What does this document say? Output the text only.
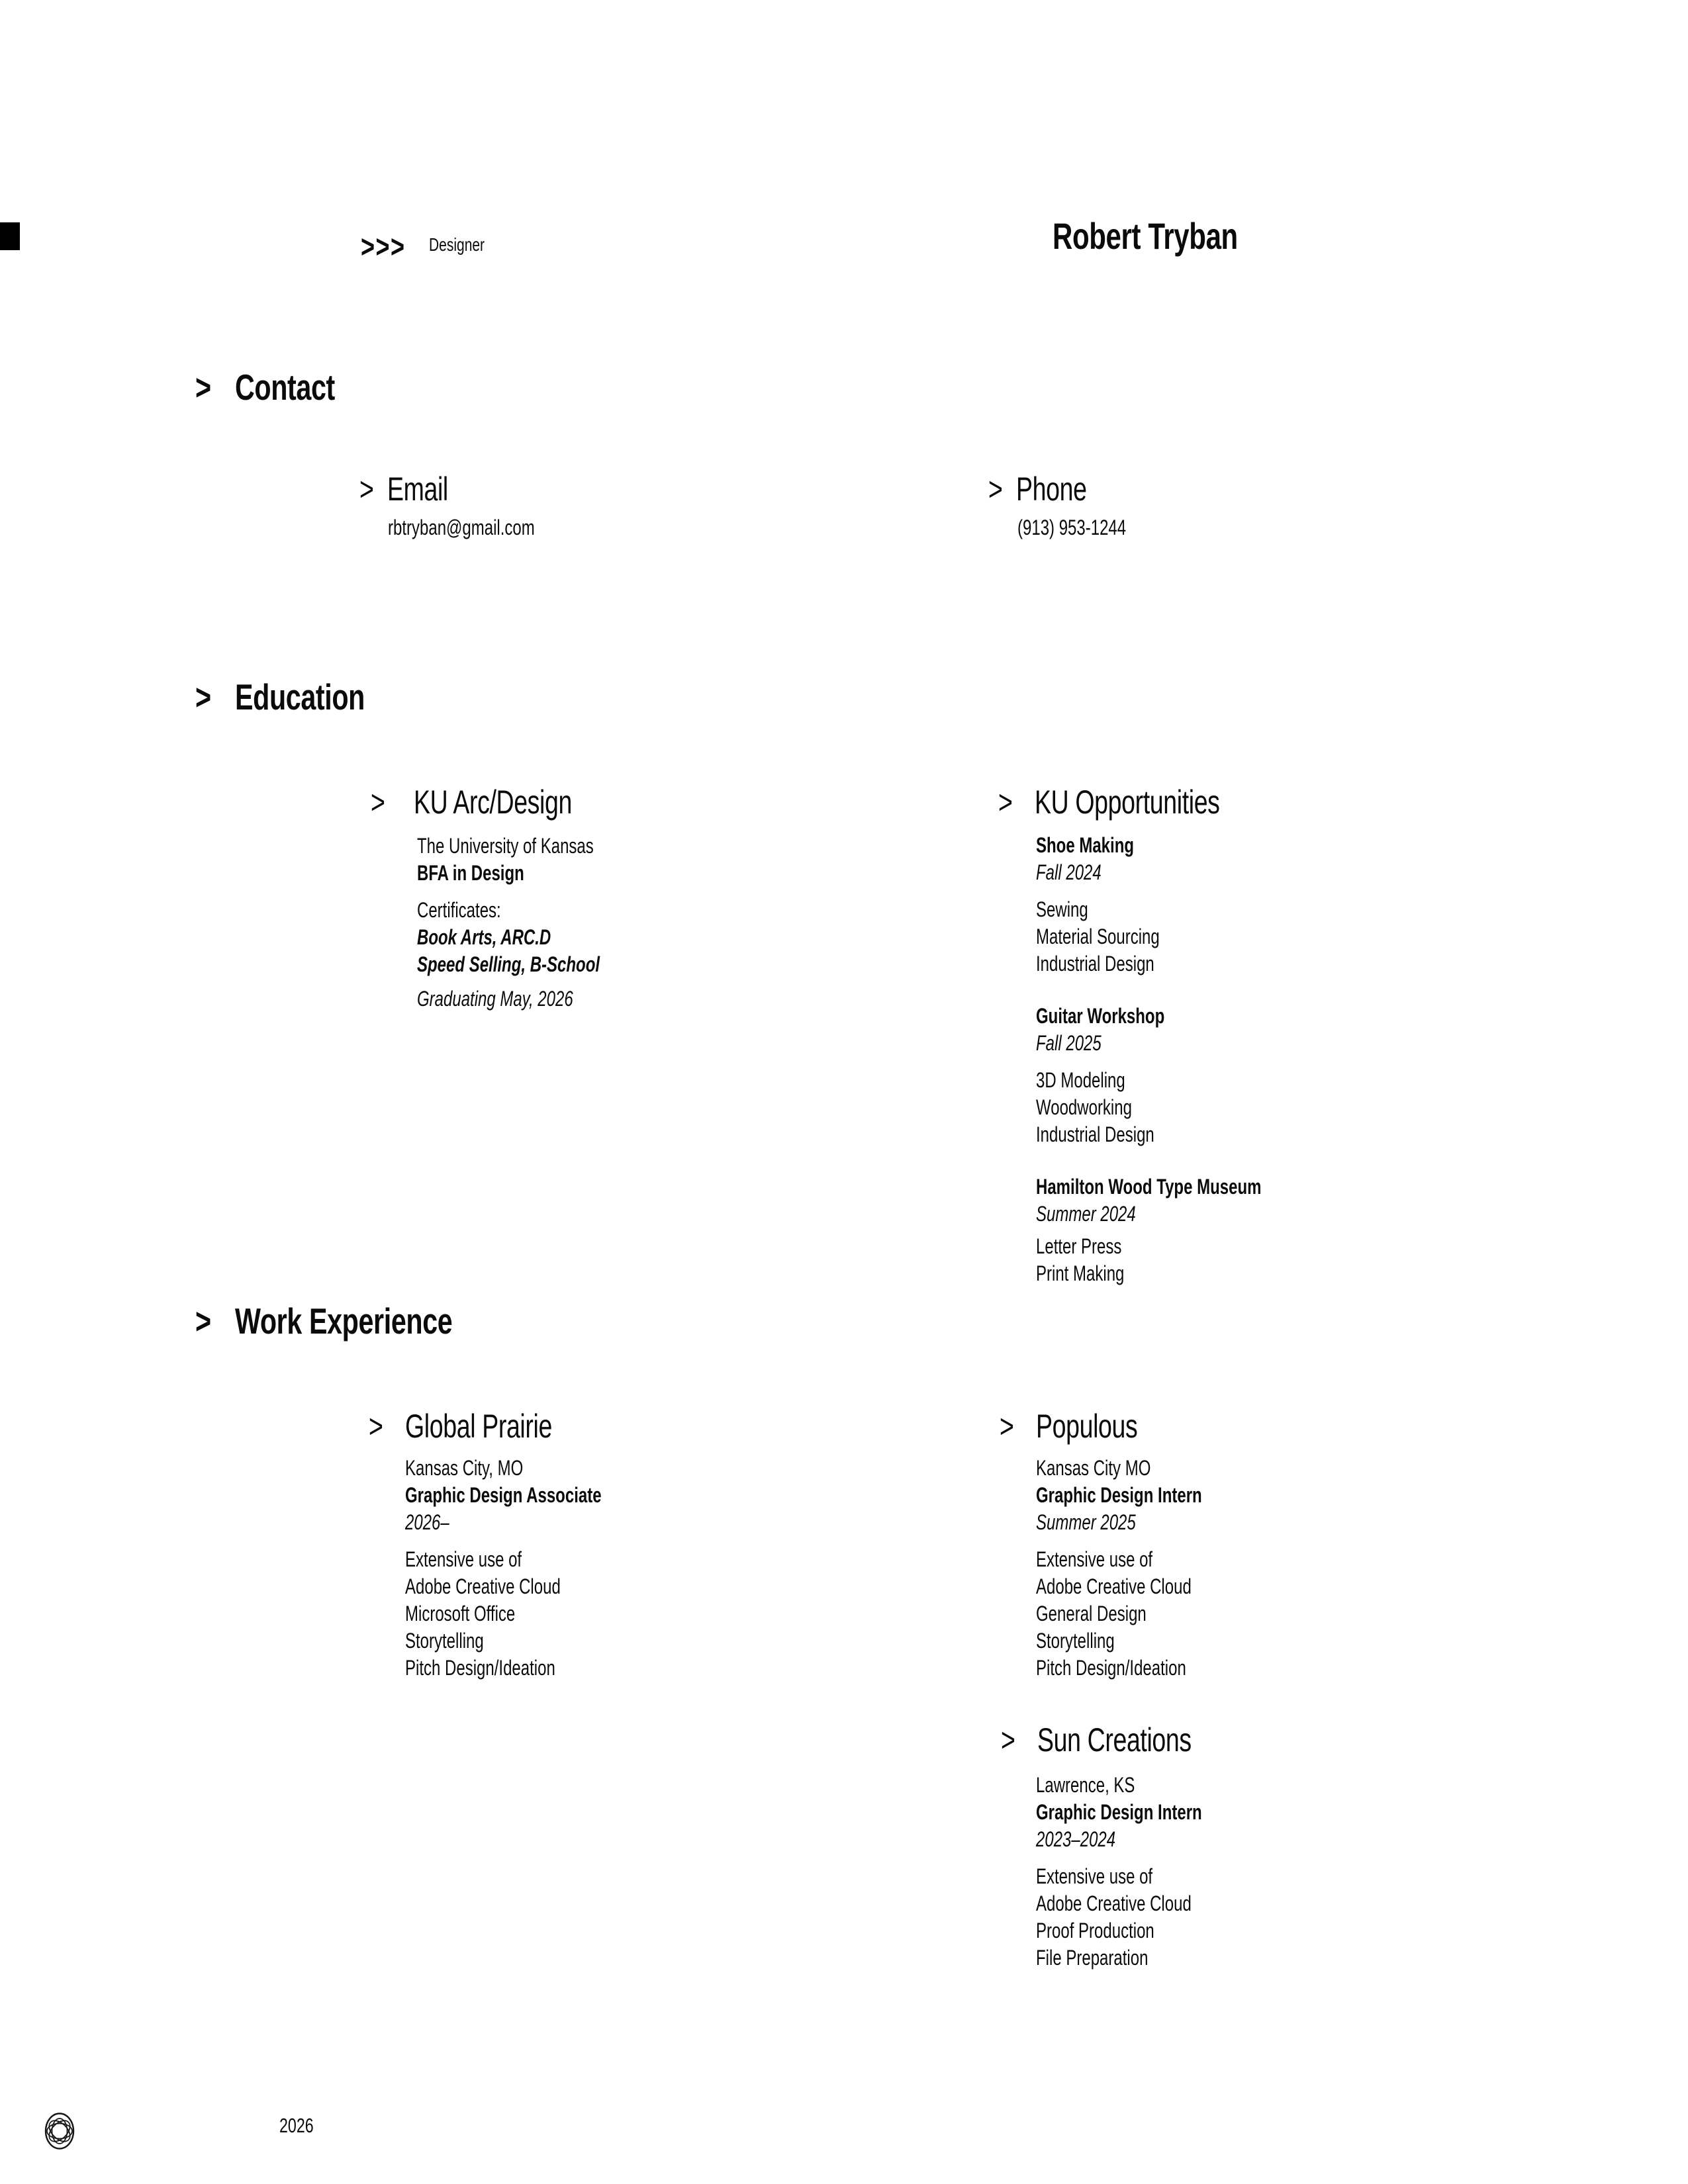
>>>	Designer	Robert Tryban
> Contact
> Email
rbtryban@gmail.com
> Phone
(913) 953-1244
> Education
> KU Arc/Design
The University of Kansas
BFA in Design
Certificates:
Book Arts, ARC.D
Speed Selling, B-School
Graduating May, 2026
> KU Opportunities
Shoe Making
Fall 2024
Sewing
Material Sourcing
Industrial Design
Guitar Workshop
Fall 2025
3D Modeling
Woodworking
Industrial Design
Hamilton Wood Type Museum
Summer 2024
Letter Press
Print Making
> Work Experience
> Global Prairie
Kansas City, MO
Graphic Design Associate
2026–
Extensive use of
Adobe Creative Cloud
Microsoft Office
Storytelling
Pitch Design/Ideation
> Populous
Kansas City MO
Graphic Design Intern
Summer 2025
Extensive use of
Adobe Creative Cloud
General Design
Storytelling
Pitch Design/Ideation
> Sun Creations
Lawrence, KS
Graphic Design Intern
2023–2024
Extensive use of
Adobe Creative Cloud
Proof Production
File Preparation
2026
